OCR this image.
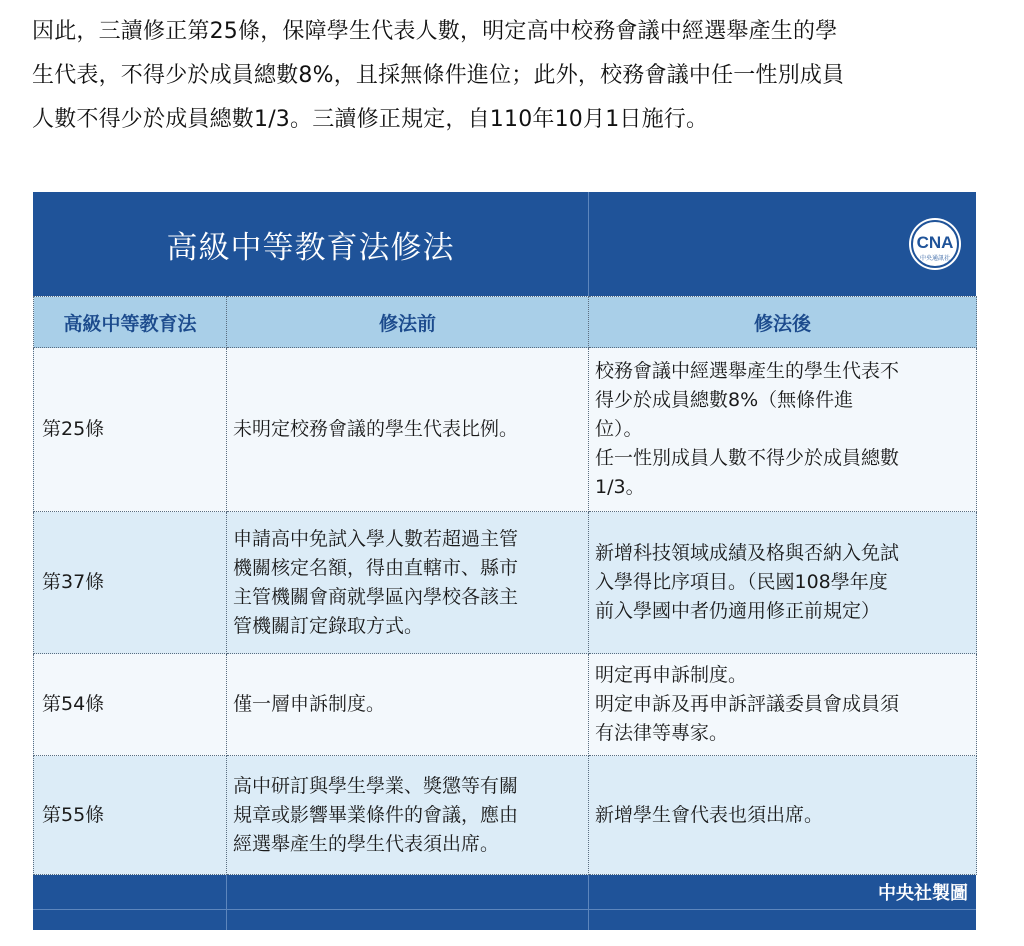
因此，三讀修正第25條，保障學生代表人數，明定高中校務會議中經選舉產生的學

生代表，不得少於成員總數8%，且採無條件進位；此外，校務會議中任一性別成員

人數不得少於成員總數1/3。三讀修正規定，自110年10月1日施行。

高級中等教育法修法	CNA
中央通訊社
高級中等教育法	修法前	修法後
第25條	未明定校務會議的學生代表比例。	校務會議中經選舉產生的學生代表不
得少於成員總數8%（無條件進
位）。
任一性別成員人數不得少於成員總數
1/3。

第37條	申請高中免試入學人數若超過主管
機關核定名額，得由直轄市、縣市
主管機關會商就學區內學校各該主
管機關訂定錄取方式。	新增科技領域成績及格與否納入免試
入學得比序項目。（民國108學年度
前入學國中者仍適用修正前規定）

第54條	僅一層申訴制度。	明定再申訴制度。
明定申訴及再申訴評議委員會成員須
有法律等專家。

第55條	高中研訂與學生學業、獎懲等有關
規章或影響畢業條件的會議，應由
經選舉產生的學生代表須出席。	新增學生會代表也須出席。
中央社製圖
